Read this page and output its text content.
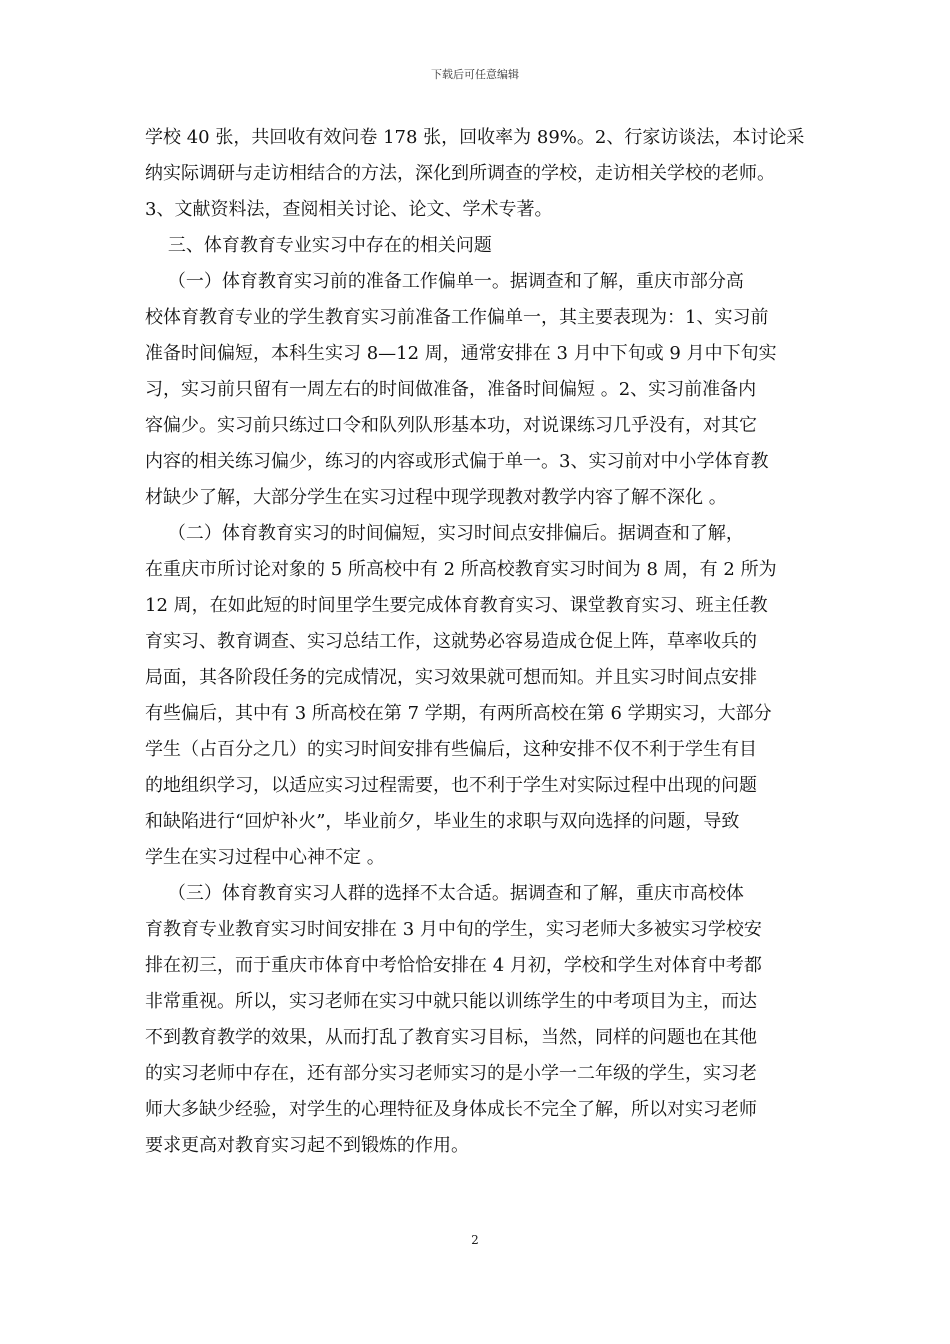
下载后可任意编辑
学校 40 张，共回收有效问卷 178 张，回收率为 89%。2、行家访谈法，本讨论采
纳实际调研与走访相结合的方法，深化到所调查的学校，走访相关学校的老师。
3、文献资料法，查阅相关讨论、论文、学术专著。
三、体育教育专业实习中存在的相关问题
（一）体育教育实习前的准备工作偏单一。据调查和了解，重庆市部分高
校体育教育专业的学生教育实习前准备工作偏单一，其主要表现为：1、实习前
准备时间偏短，本科生实习 8—12 周，通常安排在 3 月中下旬或 9 月中下旬实
习，实习前只留有一周左右的时间做准备，准备时间偏短 。2、实习前准备内
容偏少。实习前只练过口令和队列队形基本功，对说课练习几乎没有，对其它
内容的相关练习偏少，练习的内容或形式偏于单一。3、实习前对中小学体育教
材缺少了解，大部分学生在实习过程中现学现教对教学内容了解不深化 。
（二）体育教育实习的时间偏短，实习时间点安排偏后。据调查和了解，
在重庆市所讨论对象的 5 所高校中有 2 所高校教育实习时间为 8 周，有 2 所为
12 周，在如此短的时间里学生要完成体育教育实习、课堂教育实习、班主任教
育实习、教育调查、实习总结工作，这就势必容易造成仓促上阵，草率收兵的
局面，其各阶段任务的完成情况，实习效果就可想而知。并且实习时间点安排
有些偏后，其中有 3 所高校在第 7 学期，有两所高校在第 6 学期实习，大部分
学生（占百分之几）的实习时间安排有些偏后，这种安排不仅不利于学生有目
的地组织学习，以适应实习过程需要，也不利于学生对实际过程中出现的问题
和缺陷进行“回炉补火”，毕业前夕，毕业生的求职与双向选择的问题，导致
学生在实习过程中心神不定 。
（三）体育教育实习人群的选择不太合适。据调查和了解，重庆市高校体
育教育专业教育实习时间安排在 3 月中旬的学生，实习老师大多被实习学校安
排在初三，而于重庆市体育中考恰恰安排在 4 月初，学校和学生对体育中考都
非常重视。所以，实习老师在实习中就只能以训练学生的中考项目为主，而达
不到教育教学的效果，从而打乱了教育实习目标，当然，同样的问题也在其他
的实习老师中存在，还有部分实习老师实习的是小学一二年级的学生，实习老
师大多缺少经验，对学生的心理特征及身体成长不完全了解，所以对实习老师
要求更高对教育实习起不到锻炼的作用。
2
